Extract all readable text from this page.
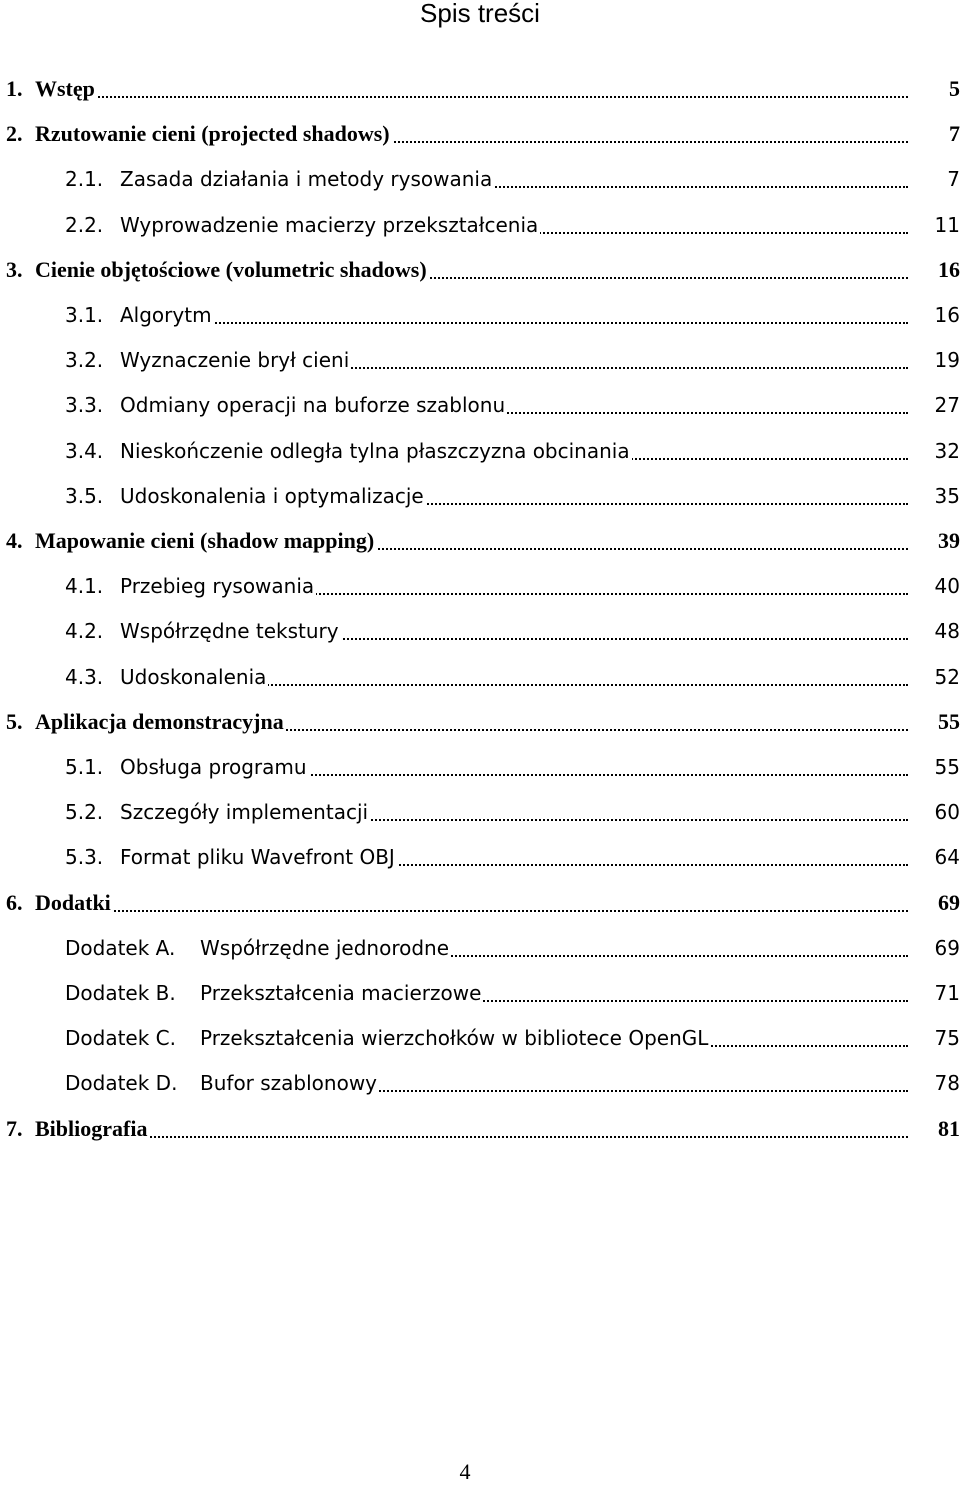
Spis treści
1. Wstęp	5
2. Rzutowanie cieni (projected shadows)	7
2.1. Zasada działania i metody rysowania	7
2.2. Wyprowadzenie macierzy przekształcenia	11
3. Cienie objętościowe (volumetric shadows)	16
3.1. Algorytm	16
3.2. Wyznaczenie brył cieni	19
3.3. Odmiany operacji na buforze szablonu	27
3.4. Nieskończenie odległa tylna płaszczyzna obcinania	32
3.5. Udoskonalenia i optymalizacje	35
4. Mapowanie cieni (shadow mapping)	39
4.1. Przebieg rysowania	40
4.2. Współrzędne tekstury	48
4.3. Udoskonalenia	52
5. Aplikacja demonstracyjna	55
5.1. Obsługa programu	55
5.2. Szczegóły implementacji	60
5.3. Format pliku Wavefront OBJ	64
6. Dodatki	69
Dodatek A. Współrzędne jednorodne	69
Dodatek B. Przekształcenia macierzowe	71
Dodatek C. Przekształcenia wierzchołków w bibliotece OpenGL	75
Dodatek D. Bufor szablonowy	78
7. Bibliografia	81
4
